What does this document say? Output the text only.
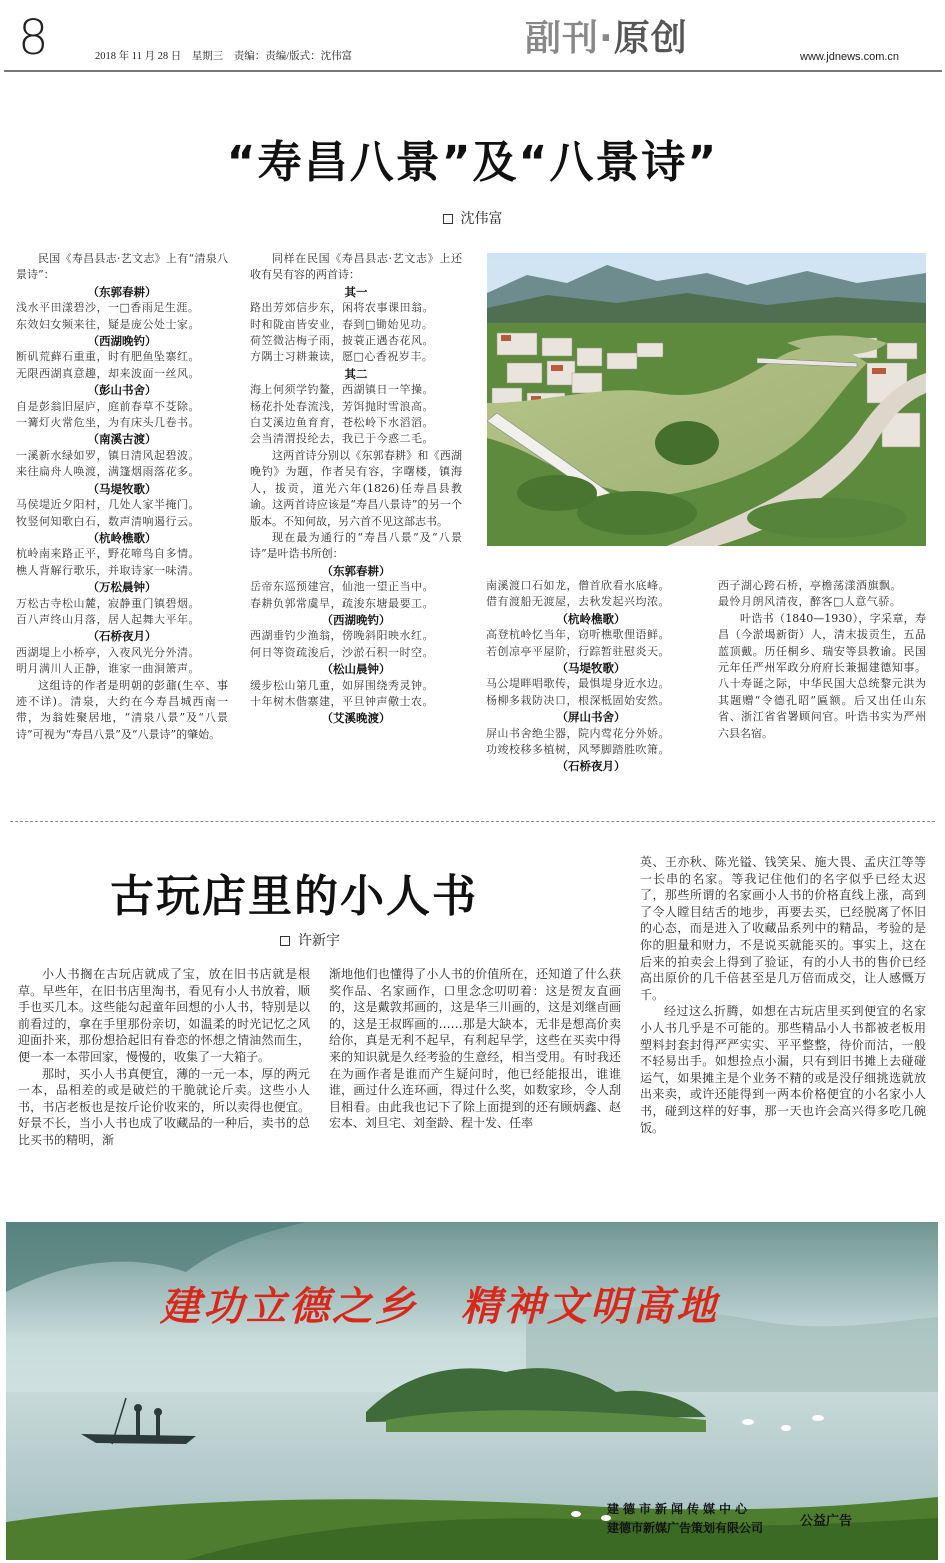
8	2018 年 11 月 28 日　星期三　责编：责编/版式：沈伟富	副刊·原创	www.jdnews.com.cn
“寿昌八景”及“八景诗”
沈伟富

民国《寿昌县志·艺文志》上有“清泉八景诗”：

（东郭春耕）
浅水平田漾碧沙，一□香雨足生涯。
东效妇女频来往，疑是庞公处士家。
（西湖晚钓）
断矶荒藓石重重，时有肥鱼坠寨红。
无限西湖真意趣，却来波面一丝风。
（彭山书舍）
自是彭翁旧屋庐，庭前春草不芟除。
一篝灯火常危坐，为有床头几卷书。
（南溪古渡）
一溪新水绿如罗，镇日清风起碧波。
来往扁舟人唤渡，满篷烟雨落花多。
（马堤牧歌）
马侯堤近夕阳村，几处人家半掩门。
牧竖何知歌白石，数声清响遏行云。
（杭岭樵歌）
杭岭南来路正平，野花啼鸟自多情。
樵人背解行歌乐，并取诗家一味清。
（万松晨钟）
万松古寺松山麓，寂静重门镇碧烟。
百八声终山月落，居人起舞大平年。
（石桥夜月）
西湖堤上小桥亭，入夜风光分外清。
明月满川人正静，谁家一曲洞箫声。

这组诗的作者是明朝的彭鼐(生卒、事迹不详)。清泉，大约在今寿昌城西南一带，为翁姓聚居地，“清泉八景”及“八景诗”可视为“寿昌八景”及“八景诗”的肇始。

同样在民国《寿昌县志·艺文志》上还收有吴有容的两首诗：

其一
路出芳郊信步东，闲将农事课田翁。
时和陇亩皆安业，春到□锄始见功。
荷笠微沾梅子雨，披蓑正遇杏花风。
方隅士习耕兼读，愿□心香祝岁丰。
其二
海上何须学钓鳌，西湖镇日一竿操。
杨花扑处春流浅，芳饵抛时雪浪高。
白艾溪边鱼育育，苍松岭下水滔滔。
会当清渭投纶去，我已于今惑二毛。

这两首诗分别以《东郭春耕》和《西湖晚钓》为题，作者吴有容，字曙楼，镇海人，拔贡，道光六年(1826)任寿昌县教谕。这两首诗应该是“寿昌八景诗”的另一个版本。不知何故，另六首不见这部志书。

现在最为通行的“寿昌八景”及“八景诗”是叶诰书所创：

（东郭春耕）
岳帝东巡预建宫，仙池一望正当中。
春耕负郭常虞旱，疏浚东塘最要工。
（西湖晚钓）
西湖垂钓少渔翁，傍晚斜阳映水红。
何日等资疏浚后，沙淤石积一时空。
（松山晨钟）
缓步松山第几重，如屏围绕秀灵钟。
十年树木偕寨建，平旦钟声儆士农。
（艾溪晚渡）
南溪渡口石如龙，僧首欣看水底峰。
借有渡船无渡屋，去秋发起兴均浓。
（杭岭樵歌）
高登杭岭忆当年，窃听樵歌俚语鲜。
若创凉亭平屋阶，行踪暂驻慰炎天。
（马堤牧歌）
马公堤畔唱歌传，最惧堤身近水边。
杨柳多栽防决口，根深柢固始安然。
（屏山书舍）
屏山书舍绝尘器，院内莺花分外娇。
功竣校移多植树，风琴脚踏胜吹箫。
（石桥夜月）
西子湖心跨石桥，亭檐荡漾酒旗飘。
最怜月朗风清夜，醉客□人意气骄。

叶诰书（1840—1930），字采章，寿昌（今淤堨新街）人，清末拔贡生，五品蓝顶戴。历任桐乡、瑞安等县教谕。民国元年任严州军政分府府长兼掘建德知事。八十寿诞之际，中华民国大总统黎元洪为其题赠“令德孔昭”匾额。后又出任山东省、浙江省省署顾问官。叶诰书实为严州六县名宿。

古玩店里的小人书
许新宇

小人书搁在古玩店就成了宝，放在旧书店就是根草。早些年，在旧书店里淘书，看见有小人书放着，顺手也买几本。这些能勾起童年回想的小人书，特别是以前看过的，拿在手里那份亲切，如温柔的时光记忆之风迎面扑来，那份想拾起旧有眷恋的怀想之情油然而生，便一本一本带回家，慢慢的，收集了一大箱子。

那时，买小人书真便宜，薄的一元一本，厚的两元一本，品相差的或是破烂的干脆就论斤卖。这些小人书，书店老板也是按斤论价收来的，所以卖得也便宜。好景不长，当小人书也成了收藏品的一种后，卖书的总比买书的精明，渐

渐地他们也懂得了小人书的价值所在，还知道了什么获奖作品、名家画作，口里念念叨叨着：这是贺友直画的，这是戴敦邦画的，这是华三川画的，这是刘继卣画的，这是王叔晖画的……那是大缺本，无非是想高价卖给你，真是无利不起早，有利起早学，这些在买卖中得来的知识就是久经考验的生意经，相当受用。有时我还在为画作者是谁而产生疑问时，他已经能报出，谁谁谁，画过什么连环画，得过什么奖，如数家珍，令人刮目相看。由此我也记下了除上面提到的还有顾炳鑫、赵宏本、刘旦宅、刘奎龄、程十发、任率

英、王亦秋、陈光镒、钱笑呆、施大畏、孟庆江等等一长串的名家。等我记住他们的名字似乎已经太迟了，那些所谓的名家画小人书的价格直线上涨，高到了令人瞠目结舌的地步，再要去买，已经脱离了怀旧的心态，而是进入了收藏品系列中的精品，考验的是你的胆量和财力，不是说买就能买的。事实上，这在后来的拍卖会上得到了验证，有的小人书的售价已经高出原价的几千倍甚至是几万倍而成交，让人感慨万千。

经过这么折腾，如想在古玩店里买到便宜的名家小人书几乎是不可能的。那些精品小人书都被老板用塑料封套封得严严实实、平平整整，待价而沽，一般不轻易出手。如想捡点小漏，只有到旧书摊上去碰碰运气，如果摊主是个业务不精的或是没仔细挑选就放出来卖，或许还能得到一两本价格便宜的小名家小人书，碰到这样的好事，那一天也许会高兴得多吃几碗饭。

建功立德之乡　精神文明高地
建德市新闻传媒中心
建德市新媒广告策划有限公司	公益广告
